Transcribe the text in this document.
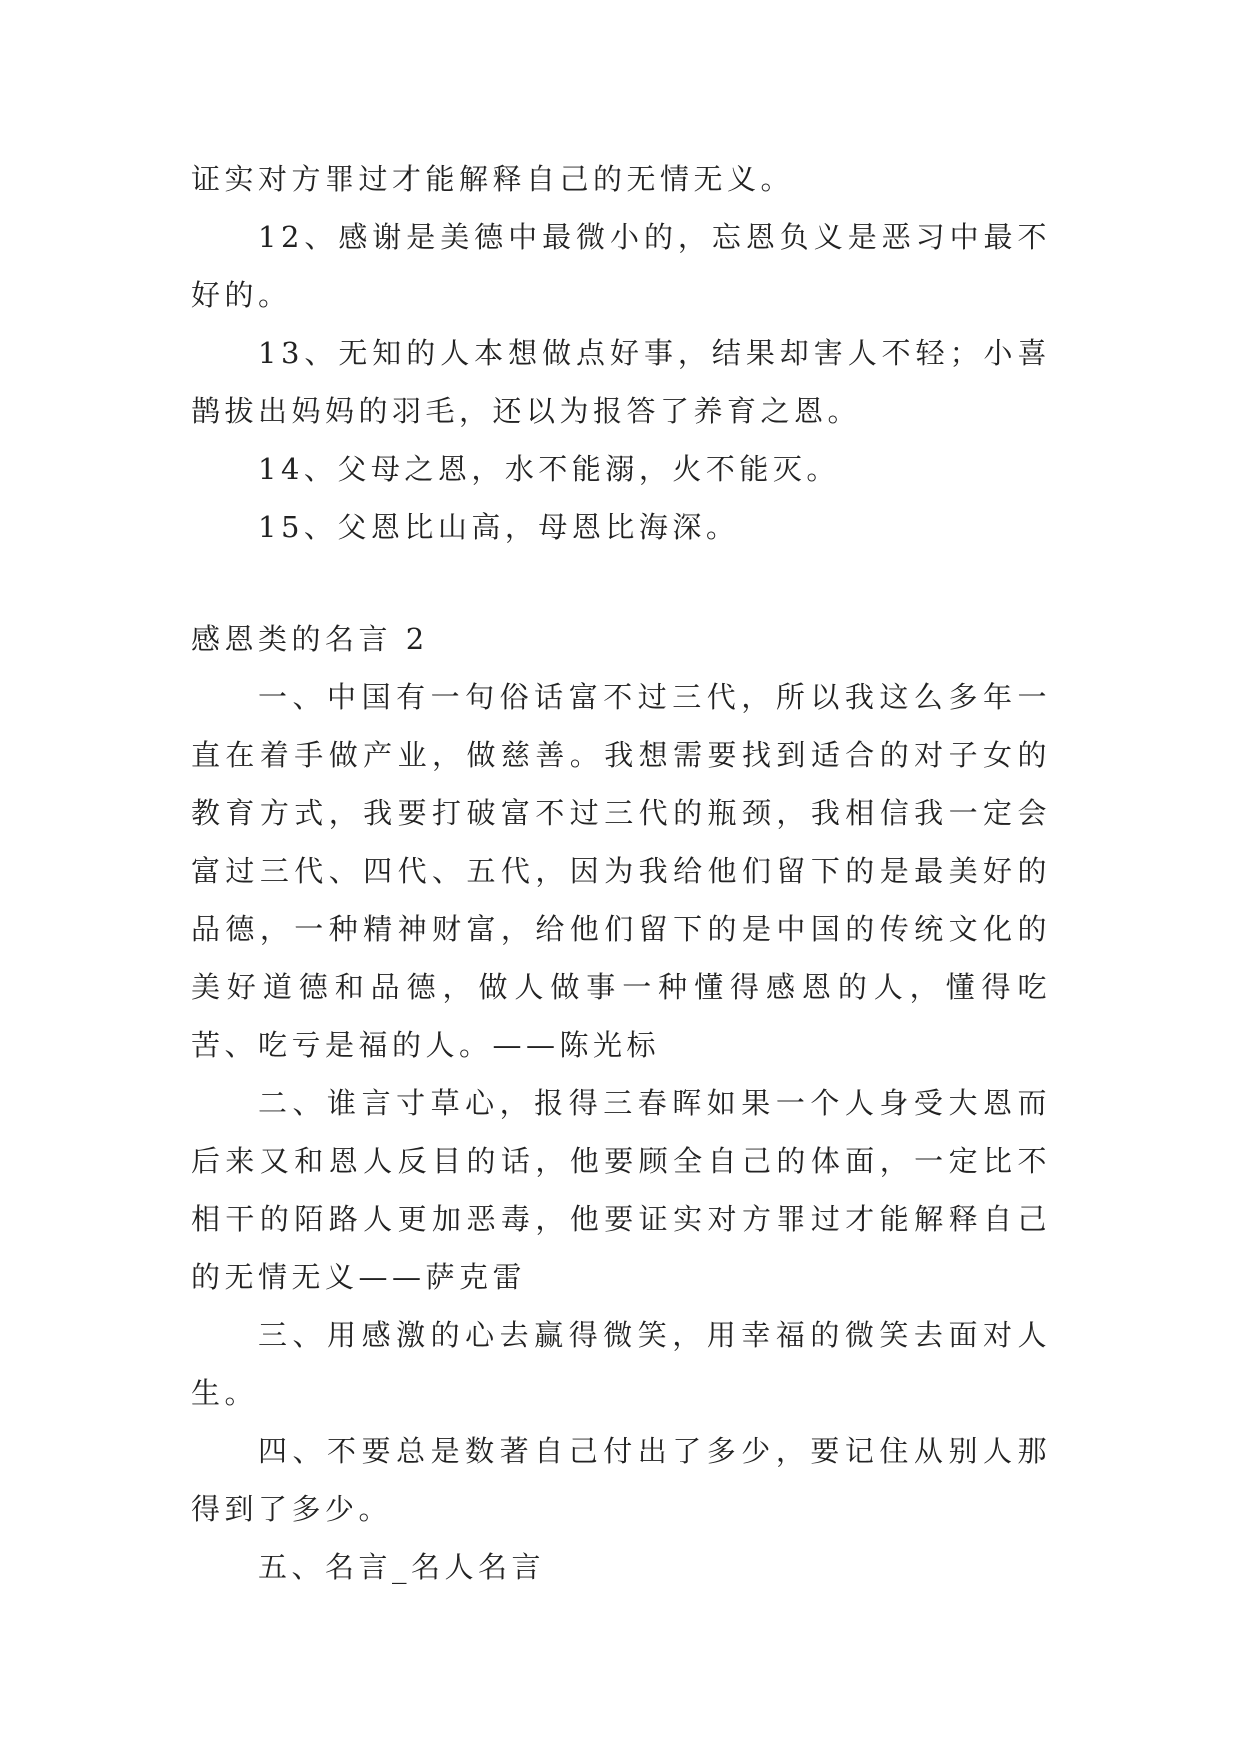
证实对方罪过才能解释自己的无情无义。

12、感谢是美德中最微小的，忘恩负义是恶习中最不好的。

13、无知的人本想做点好事，结果却害人不轻；小喜鹊拔出妈妈的羽毛，还以为报答了养育之恩。

14、父母之恩，水不能溺，火不能灭。

15、父恩比山高，母恩比海深。

感恩类的名言 2

一、中国有一句俗话富不过三代，所以我这么多年一直在着手做产业，做慈善。我想需要找到适合的对子女的教育方式，我要打破富不过三代的瓶颈，我相信我一定会富过三代、四代、五代，因为我给他们留下的是最美好的品德，一种精神财富，给他们留下的是中国的传统文化的美好道德和品德，做人做事一种懂得感恩的人，懂得吃苦、吃亏是福的人。——陈光标

二、谁言寸草心，报得三春晖如果一个人身受大恩而后来又和恩人反目的话，他要顾全自己的体面，一定比不相干的陌路人更加恶毒，他要证实对方罪过才能解释自己的无情无义——萨克雷

三、用感激的心去赢得微笑，用幸福的微笑去面对人生。

四、不要总是数著自己付出了多少，要记住从别人那得到了多少。

五、名言_名人名言
